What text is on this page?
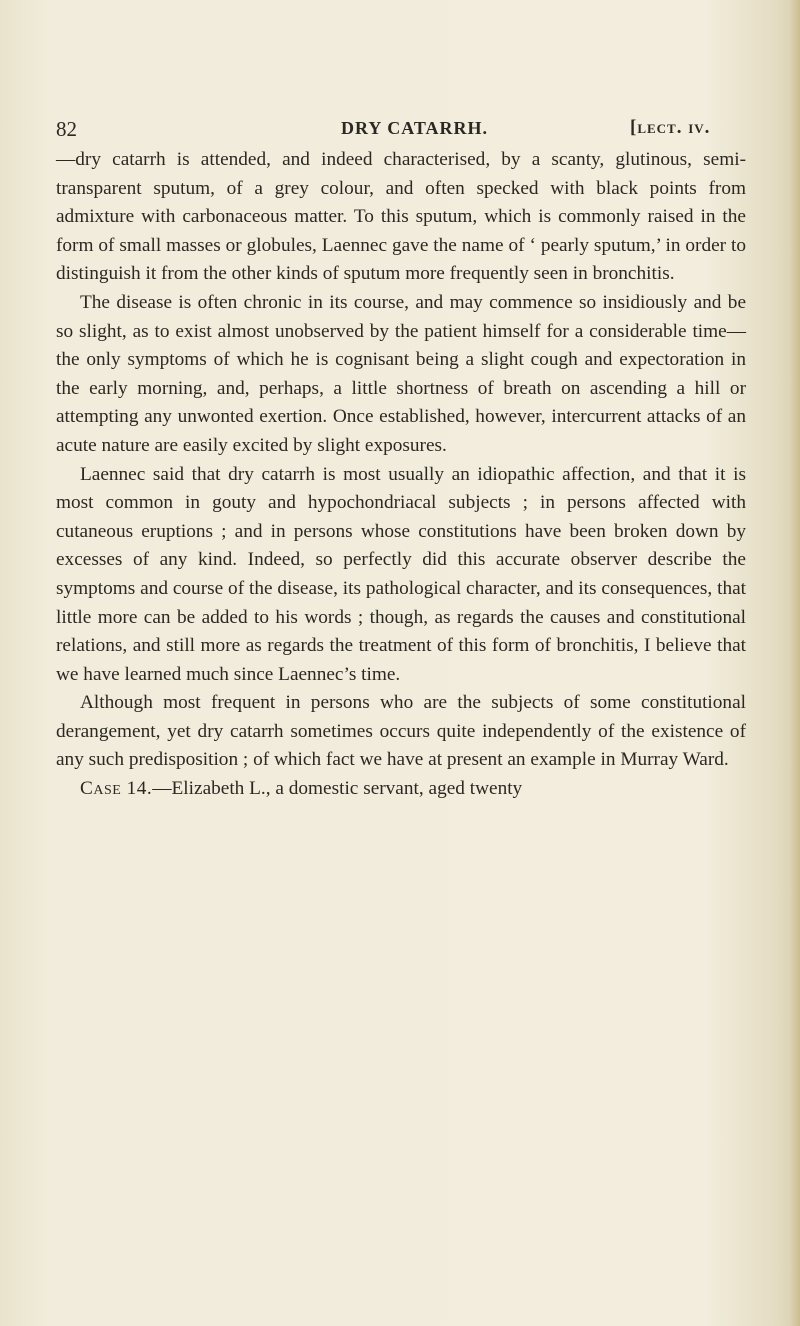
82	DRY CATARRH.	[lect. iv.

—dry catarrh is attended, and indeed characterised, by a scanty, glutinous, semi-transparent sputum, of a grey colour, and often specked with black points from admixture with carbonaceous matter. To this sputum, which is commonly raised in the form of small masses or globules, Laennec gave the name of ‘ pearly sputum,’ in order to distinguish it from the other kinds of sputum more frequently seen in bronchitis.

The disease is often chronic in its course, and may commence so insidiously and be so slight, as to exist almost unobserved by the patient himself for a considerable time—the only symptoms of which he is cognisant being a slight cough and expectoration in the early morning, and, perhaps, a little shortness of breath on ascending a hill or attempting any unwonted exertion. Once established, however, intercurrent attacks of an acute nature are easily excited by slight exposures.

Laennec said that dry catarrh is most usually an idiopathic affection, and that it is most common in gouty and hypochondriacal subjects ; in persons affected with cutaneous eruptions ; and in persons whose constitutions have been broken down by excesses of any kind. Indeed, so perfectly did this accurate observer describe the symptoms and course of the disease, its pathological character, and its consequences, that little more can be added to his words ; though, as regards the causes and constitutional relations, and still more as regards the treatment of this form of bronchitis, I believe that we have learned much since Laennec’s time.

Although most frequent in persons who are the subjects of some constitutional derangement, yet dry catarrh sometimes occurs quite independently of the existence of any such predisposition ; of which fact we have at present an example in Murray Ward.

Case 14.—Elizabeth L., a domestic servant, aged twenty
